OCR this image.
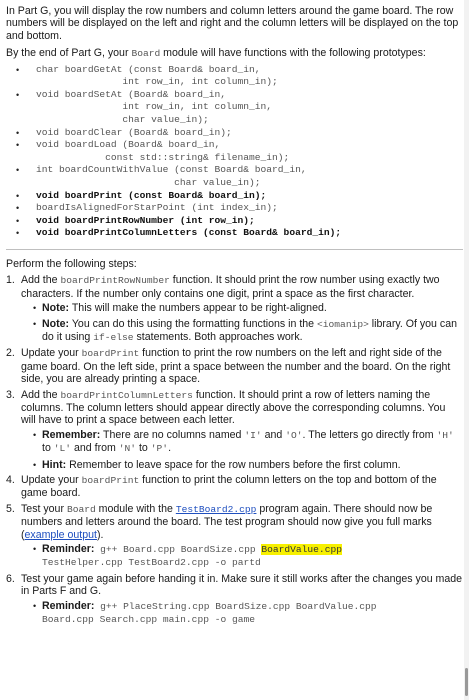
In Part G, you will display the row numbers and column letters around the game board. The row numbers will be displayed on the left and right and the column letters will be displayed on the top and bottom.

By the end of Part G, your Board module will have functions with the following prototypes:

• char boardGetAt (const Board& board_in,
int row_in, int column_in);
• void boardSetAt (Board& board_in,
int row_in, int column_in,
char value_in);
• void boardClear (Board& board_in);
• void boardLoad (Board& board_in,
const std::string& filename_in);
• int boardCountWithValue (const Board& board_in,
char value_in);
• void boardPrint (const Board& board_in);
• boardIsAlignedForStarPoint (int index_in);
• void boardPrintRowNumber (int row_in);
• void boardPrintColumnLetters (const Board& board_in);

Perform the following steps:

1. Add the boardPrintRowNumber function. It should print the row number using exactly two characters. If the number only contains one digit, print a space as the first character.

• Note: This will make the numbers appear to be right-aligned.

• Note: You can do this using the formatting functions in the <iomanip> library. Of you can do it using if-else statements. Both approaches work.

2. Update your boardPrint function to print the row numbers on the left and right side of the game board. On the left side, print a space between the number and the board. On the right side, you are already printing a space.

3. Add the boardPrintColumnLetters function. It should print a row of letters naming the columns. The column letters should appear directly above the corresponding columns. You will have to print a space between each letter.

• Remember: There are no columns named 'I' and 'O'. The letters go directly from 'H' to 'L' and from 'N' to 'P'.

• Hint: Remember to leave space for the row numbers before the first column.

4. Update your boardPrint function to print the column letters on the top and bottom of the game board.

5. Test your Board module with the TestBoard2.cpp program again. There should now be numbers and letters around the board. The test program should now give you full marks (example output).

• Reminder: g++ Board.cpp BoardSize.cpp BoardValue.cpp
TestHelper.cpp TestBoard2.cpp -o partd

6. Test your game again before handing it in. Make sure it still works after the changes you made in Parts F and G.

• Reminder: g++ PlaceString.cpp BoardSize.cpp BoardValue.cpp
Board.cpp Search.cpp main.cpp -o game
